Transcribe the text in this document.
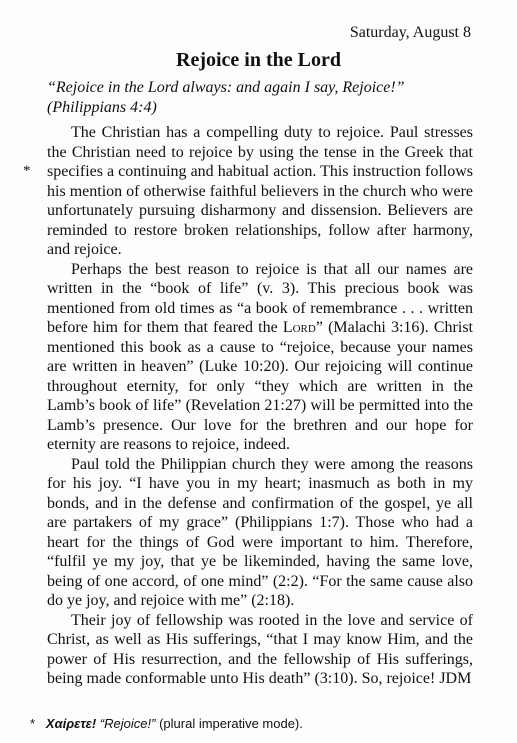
Saturday, August 8
Rejoice in the Lord
“Rejoice in the Lord always: and again I say, Rejoice!” (Philippians 4:4)
*

The Christian has a compelling duty to rejoice. Paul stresses the Christian need to rejoice by using the tense in the Greek that specifies a continuing and habitual action. This instruction follows his mention of otherwise faithful believers in the church who were unfortunately pursuing disharmony and dissension. Believers are reminded to restore broken relationships, follow after harmony, and rejoice.

Perhaps the best reason to rejoice is that all our names are written in the “book of life” (v. 3). This precious book was mentioned from old times as “a book of remembrance . . . written before him for them that feared the Lord” (Malachi 3:16). Christ mentioned this book as a cause to “rejoice, because your names are written in heaven” (Luke 10:20). Our rejoicing will continue throughout eternity, for only “they which are written in the Lamb’s book of life” (Revelation 21:27) will be permitted into the Lamb’s presence. Our love for the brethren and our hope for eternity are reasons to rejoice, indeed.

Paul told the Philippian church they were among the reasons for his joy. “I have you in my heart; inasmuch as both in my bonds, and in the defense and confirmation of the gospel, ye all are partakers of my grace” (Philippians 1:7). Those who had a heart for the things of God were important to him. Therefore, “fulfil ye my joy, that ye be likeminded, having the same love, being of one accord, of one mind” (2:2). “For the same cause also do ye joy, and rejoice with me” (2:18).

Their joy of fellowship was rooted in the love and service of Christ, as well as His sufferings, “that I may know Him, and the power of His resurrection, and the fellowship of His sufferings, being made conformable unto His death” (3:10). So, rejoice! JDM

* Χαίρετε! “Rejoice!” (plural imperative mode).
